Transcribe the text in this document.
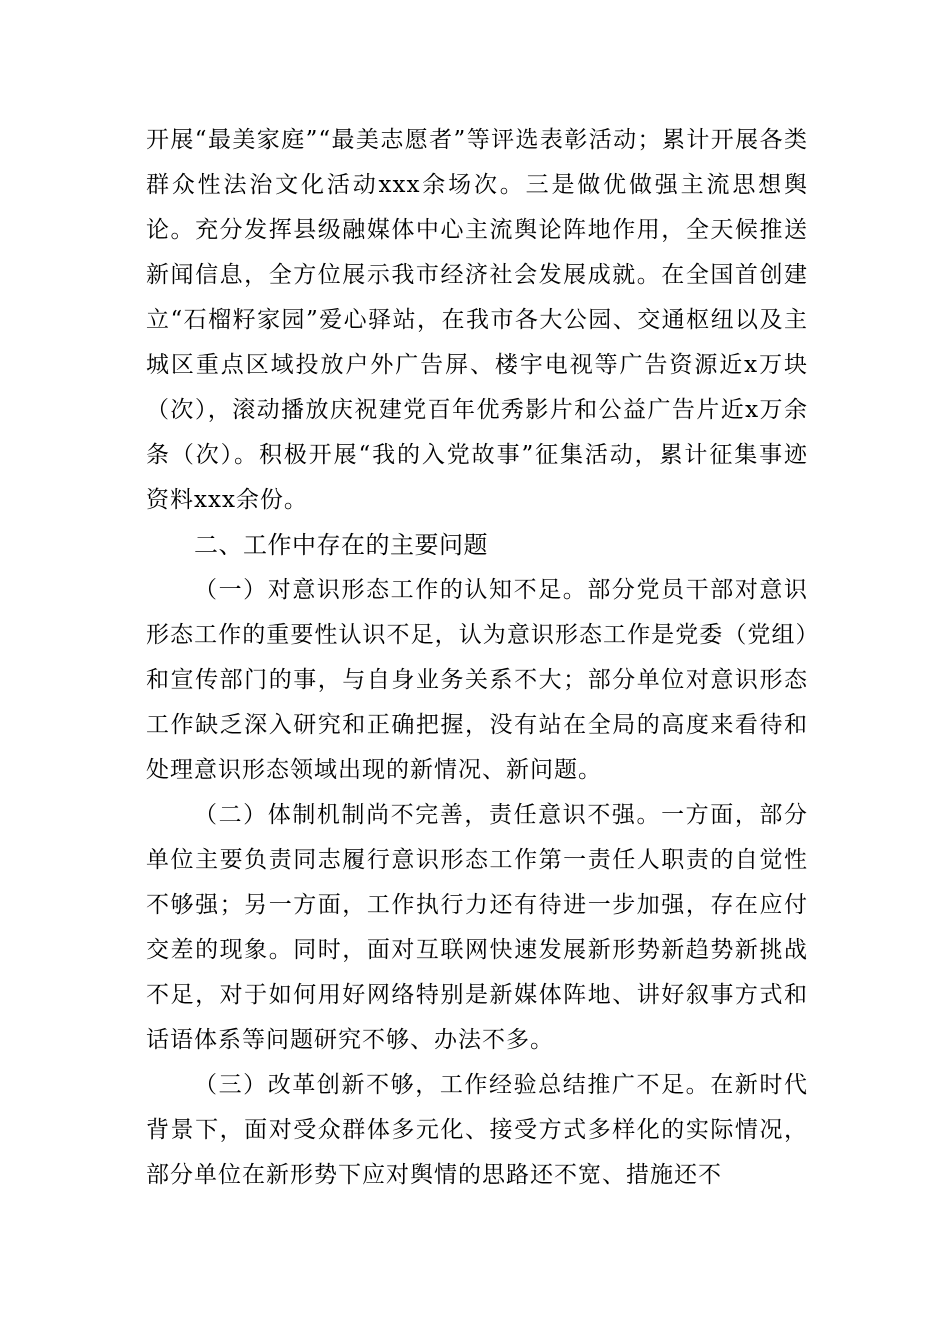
开展“最美家庭”“最美志愿者”等评选表彰活动；累计开展各类群众性法治文化活动xxx余场次。三是做优做强主流思想舆论。充分发挥县级融媒体中心主流舆论阵地作用，全天候推送新闻信息，全方位展示我市经济社会发展成就。在全国首创建立“石榴籽家园”爱心驿站，在我市各大公园、交通枢纽以及主城区重点区域投放户外广告屏、楼宇电视等广告资源近x万块（次），滚动播放庆祝建党百年优秀影片和公益广告片近x万余条（次）。积极开展“我的入党故事”征集活动，累计征集事迹资料xxx余份。

二、工作中存在的主要问题

（一）对意识形态工作的认知不足。部分党员干部对意识形态工作的重要性认识不足，认为意识形态工作是党委（党组）和宣传部门的事，与自身业务关系不大；部分单位对意识形态工作缺乏深入研究和正确把握，没有站在全局的高度来看待和处理意识形态领域出现的新情况、新问题。

（二）体制机制尚不完善，责任意识不强。一方面，部分单位主要负责同志履行意识形态工作第一责任人职责的自觉性不够强；另一方面，工作执行力还有待进一步加强，存在应付交差的现象。同时，面对互联网快速发展新形势新趋势新挑战不足，对于如何用好网络特别是新媒体阵地、讲好叙事方式和话语体系等问题研究不够、办法不多。

（三）改革创新不够，工作经验总结推广不足。在新时代背景下，面对受众群体多元化、接受方式多样化的实际情况，部分单位在新形势下应对舆情的思路还不宽、措施还不
